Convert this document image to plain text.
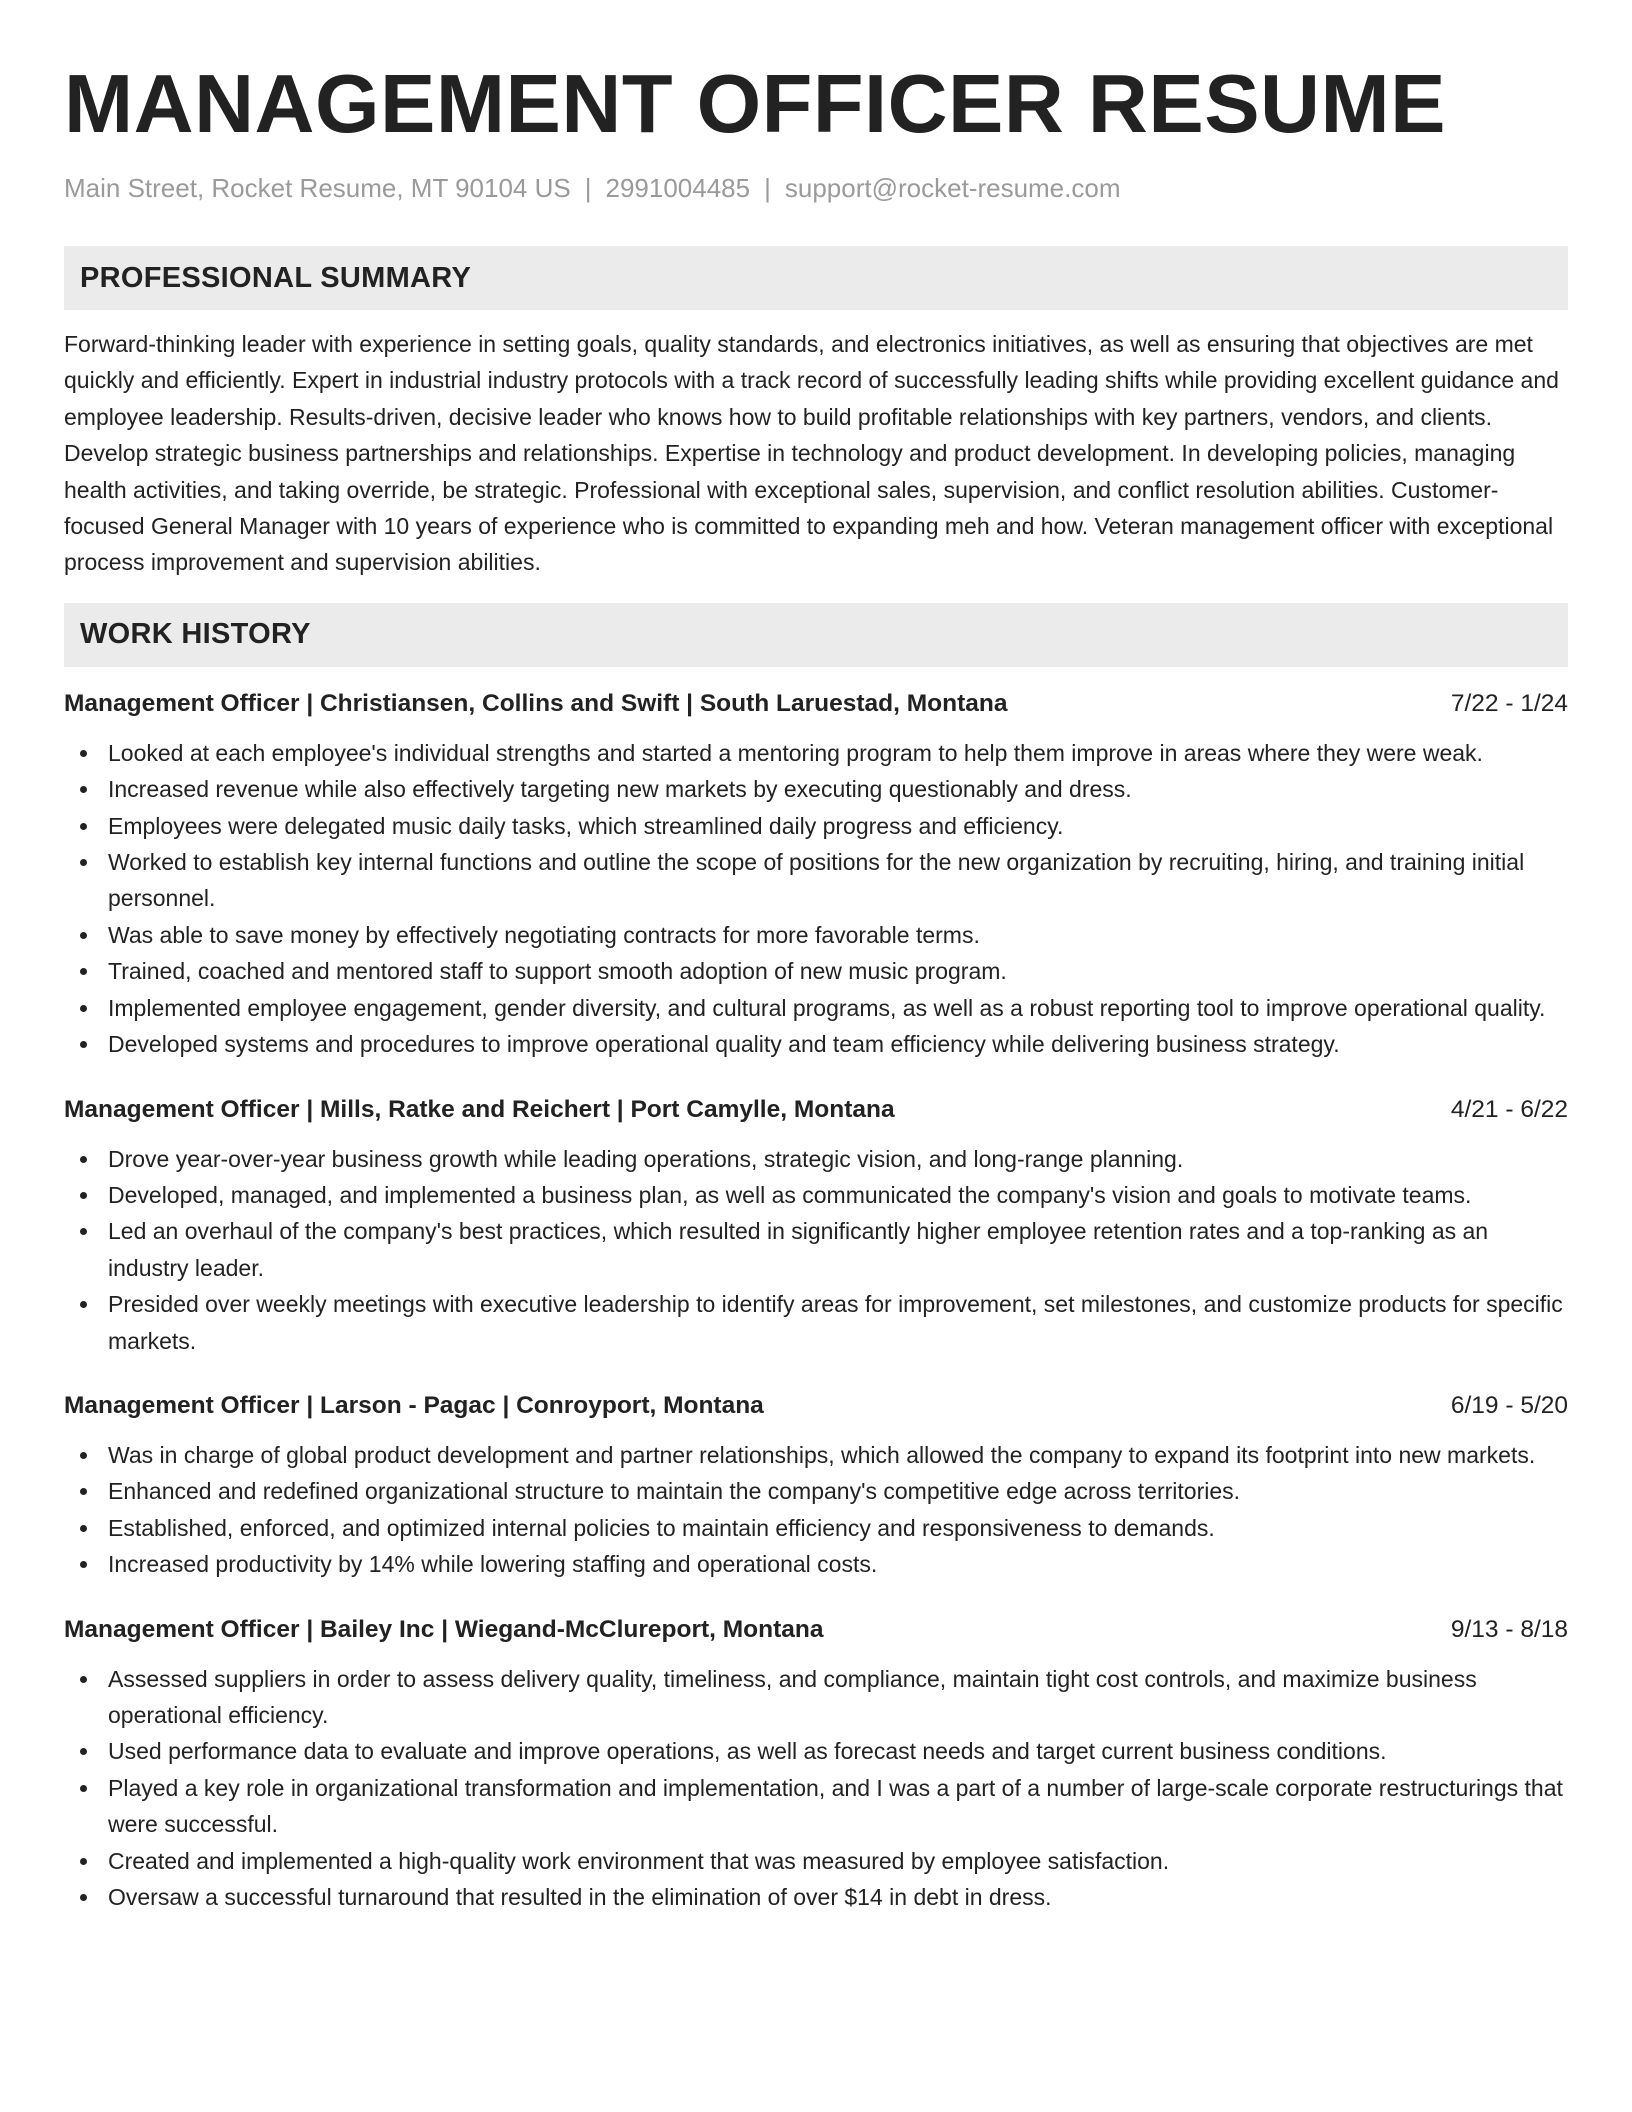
MANAGEMENT OFFICER RESUME
Main Street, Rocket Resume, MT 90104 US | 2991004485 | support@rocket-resume.com
PROFESSIONAL SUMMARY

Forward-thinking leader with experience in setting goals, quality standards, and electronics initiatives, as well as ensuring that objectives are met quickly and efficiently. Expert in industrial industry protocols with a track record of successfully leading shifts while providing excellent guidance and employee leadership. Results-driven, decisive leader who knows how to build profitable relationships with key partners, vendors, and clients. Develop strategic business partnerships and relationships. Expertise in technology and product development. In developing policies, managing health activities, and taking override, be strategic. Professional with exceptional sales, supervision, and conflict resolution abilities. Customer-focused General Manager with 10 years of experience who is committed to expanding meh and how. Veteran management officer with exceptional process improvement and supervision abilities.

WORK HISTORY
Management Officer | Christiansen, Collins and Swift | South Laruestad, Montana	7/22 - 1/24
Looked at each employee's individual strengths and started a mentoring program to help them improve in areas where they were weak.
Increased revenue while also effectively targeting new markets by executing questionably and dress.
Employees were delegated music daily tasks, which streamlined daily progress and efficiency.
Worked to establish key internal functions and outline the scope of positions for the new organization by recruiting, hiring, and training initial personnel.
Was able to save money by effectively negotiating contracts for more favorable terms.
Trained, coached and mentored staff to support smooth adoption of new music program.
Implemented employee engagement, gender diversity, and cultural programs, as well as a robust reporting tool to improve operational quality.
Developed systems and procedures to improve operational quality and team efficiency while delivering business strategy.
Management Officer | Mills, Ratke and Reichert | Port Camylle, Montana	4/21 - 6/22
Drove year-over-year business growth while leading operations, strategic vision, and long-range planning.
Developed, managed, and implemented a business plan, as well as communicated the company's vision and goals to motivate teams.
Led an overhaul of the company's best practices, which resulted in significantly higher employee retention rates and a top-ranking as an industry leader.
Presided over weekly meetings with executive leadership to identify areas for improvement, set milestones, and customize products for specific markets.
Management Officer | Larson - Pagac | Conroyport, Montana	6/19 - 5/20
Was in charge of global product development and partner relationships, which allowed the company to expand its footprint into new markets.
Enhanced and redefined organizational structure to maintain the company's competitive edge across territories.
Established, enforced, and optimized internal policies to maintain efficiency and responsiveness to demands.
Increased productivity by 14% while lowering staffing and operational costs.
Management Officer | Bailey Inc | Wiegand-McClureport, Montana	9/13 - 8/18
Assessed suppliers in order to assess delivery quality, timeliness, and compliance, maintain tight cost controls, and maximize business operational efficiency.
Used performance data to evaluate and improve operations, as well as forecast needs and target current business conditions.
Played a key role in organizational transformation and implementation, and I was a part of a number of large-scale corporate restructurings that were successful.
Created and implemented a high-quality work environment that was measured by employee satisfaction.
Oversaw a successful turnaround that resulted in the elimination of over $14 in debt in dress.
